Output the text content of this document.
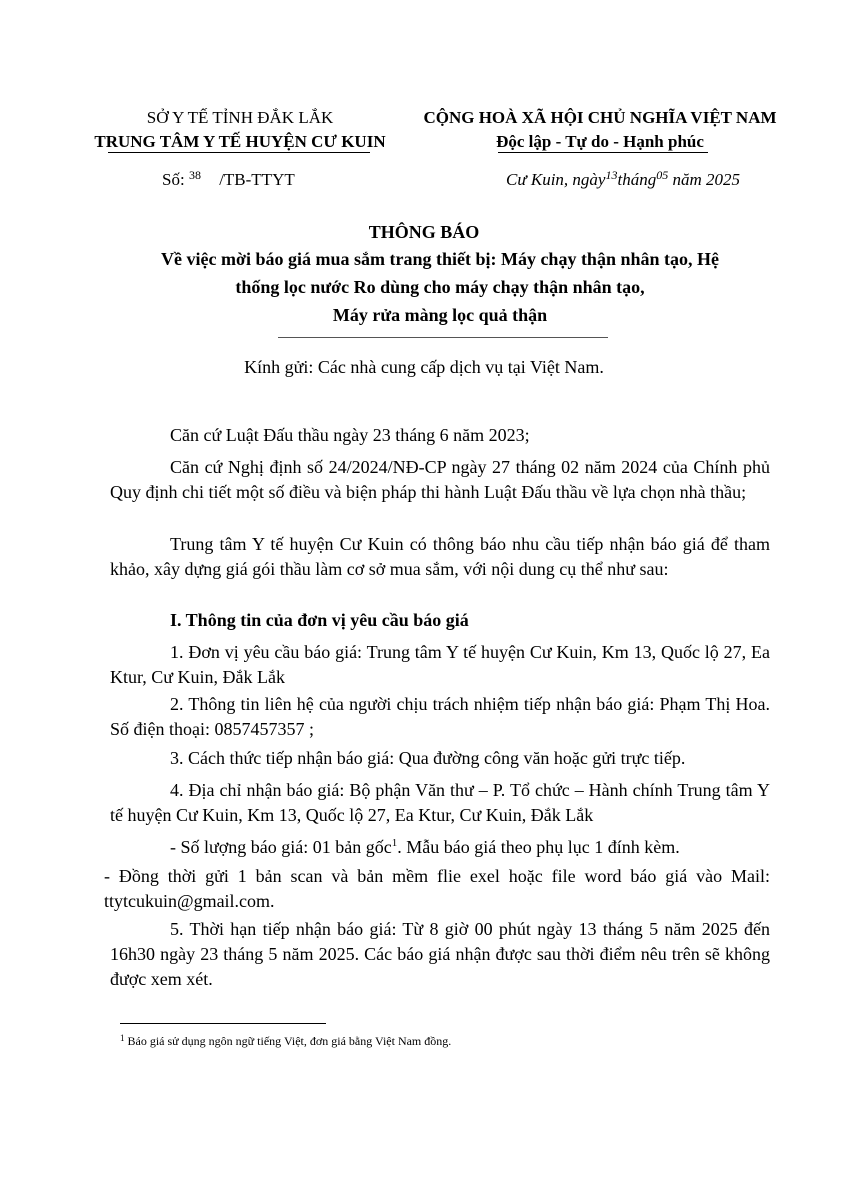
SỞ Y TẾ TỈNH ĐẮK LẮK
TRUNG TÂM Y TẾ HUYỆN CƯ KUIN
CỘNG HOÀ XÃ HỘI CHỦ NGHĨA VIỆT NAM
Độc lập - Tự do - Hạnh phúc
Số: $^{38}$ /TB-TTYT	Cư Kuin, ngày$^{13}$tháng$^{05}$ năm 2025
THÔNG BÁO
Về việc mời báo giá mua sắm trang thiết bị: Máy chạy thận nhân tạo, Hệ
thống lọc nước Ro dùng cho máy chạy thận nhân tạo,
Máy rửa màng lọc quả thận
Kính gửi: Các nhà cung cấp dịch vụ tại Việt Nam.
Căn cứ Luật Đấu thầu ngày 23 tháng 6 năm 2023;
Căn cứ Nghị định số 24/2024/NĐ-CP ngày 27 tháng 02 năm 2024 của Chính phủ Quy định chi tiết một số điều và biện pháp thi hành Luật Đấu thầu về lựa chọn nhà thầu;
Trung tâm Y tế huyện Cư Kuin có thông báo nhu cầu tiếp nhận báo giá để tham khảo, xây dựng giá gói thầu làm cơ sở mua sắm, với nội dung cụ thể như sau:
I. Thông tin của đơn vị yêu cầu báo giá
1. Đơn vị yêu cầu báo giá: Trung tâm Y tế huyện Cư Kuin, Km 13, Quốc lộ 27, Ea Ktur, Cư Kuin, Đắk Lắk
2. Thông tin liên hệ của người chịu trách nhiệm tiếp nhận báo giá: Phạm Thị Hoa. Số điện thoại: 0857457357 ;
3. Cách thức tiếp nhận báo giá: Qua đường công văn hoặc gửi trực tiếp.
4. Địa chỉ nhận báo giá: Bộ phận Văn thư – P. Tổ chức – Hành chính Trung tâm Y tế huyện Cư Kuin, Km 13, Quốc lộ 27, Ea Ktur, Cư Kuin, Đắk Lắk
- Số lượng báo giá: 01 bản gốc$^1$. Mẫu báo giá theo phụ lục 1 đính kèm.
- Đồng thời gửi 1 bản scan và bản mềm flie exel hoặc file word báo giá vào Mail: ttytcukuin@gmail.com.
5. Thời hạn tiếp nhận báo giá: Từ 8 giờ 00 phút ngày 13 tháng 5 năm 2025 đến 16h30 ngày 23 tháng 5 năm 2025. Các báo giá nhận được sau thời điểm nêu trên sẽ không được xem xét.
$^1$ Báo giá sử dụng ngôn ngữ tiếng Việt, đơn giá bằng Việt Nam đồng.
